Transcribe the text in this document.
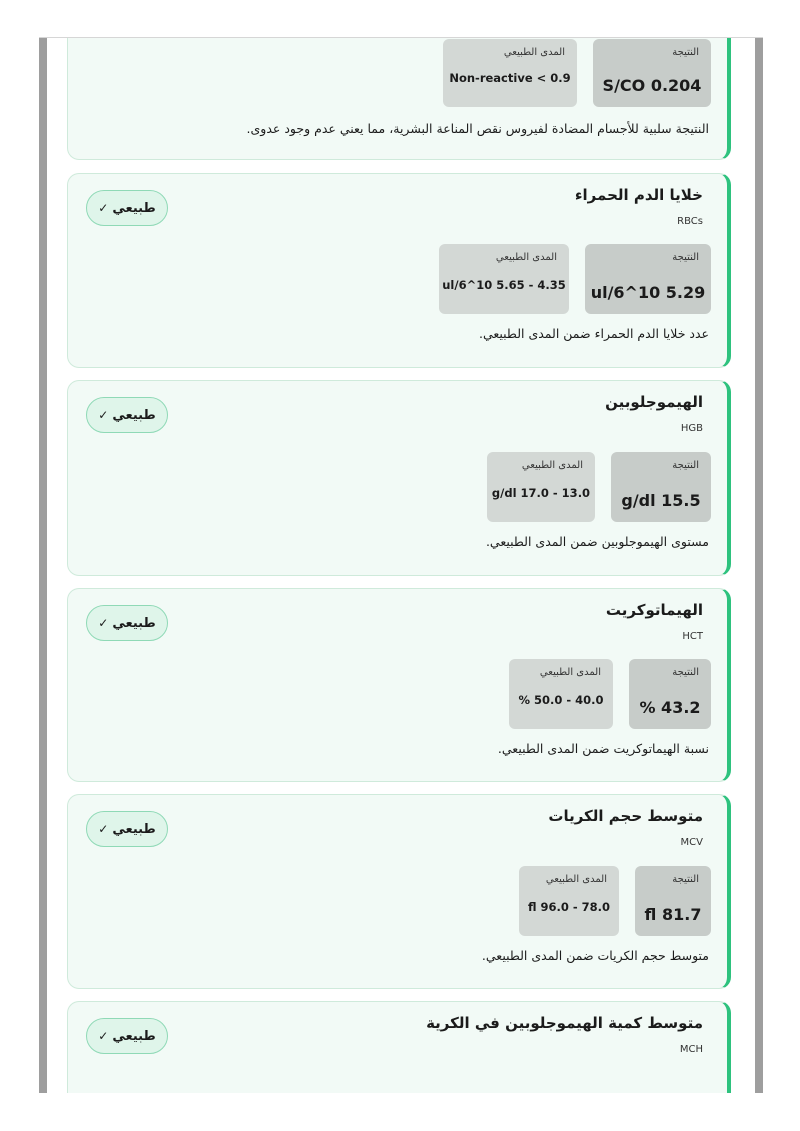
النتيجة
S/CO 0.204
المدى الطبيعي
Non-reactive < 0.9
النتيجة سلبية للأجسام المضادة لفيروس نقص المناعة البشرية، مما يعني عدم وجود عدوى.
خلايا الدم الحمراء
RBCs
طبيعي
✓
النتيجة
ul/6^10 5.29
المدى الطبيعي
ul/6^10 5.65 - 4.35
عدد خلايا الدم الحمراء ضمن المدى الطبيعي.
الهيموجلوبين
HGB
طبيعي
✓
النتيجة
g/dl 15.5
المدى الطبيعي
g/dl 17.0 - 13.0
مستوى الهيموجلوبين ضمن المدى الطبيعي.
الهيماتوكريت
HCT
طبيعي
✓
النتيجة
% 43.2
المدى الطبيعي
% 50.0 - 40.0
نسبة الهيماتوكريت ضمن المدى الطبيعي.
متوسط حجم الكريات
MCV
طبيعي
✓
النتيجة
fl 81.7
المدى الطبيعي
fl 96.0 - 78.0
متوسط حجم الكريات ضمن المدى الطبيعي.
متوسط كمية الهيموجلوبين في الكرية
MCH
طبيعي
✓
